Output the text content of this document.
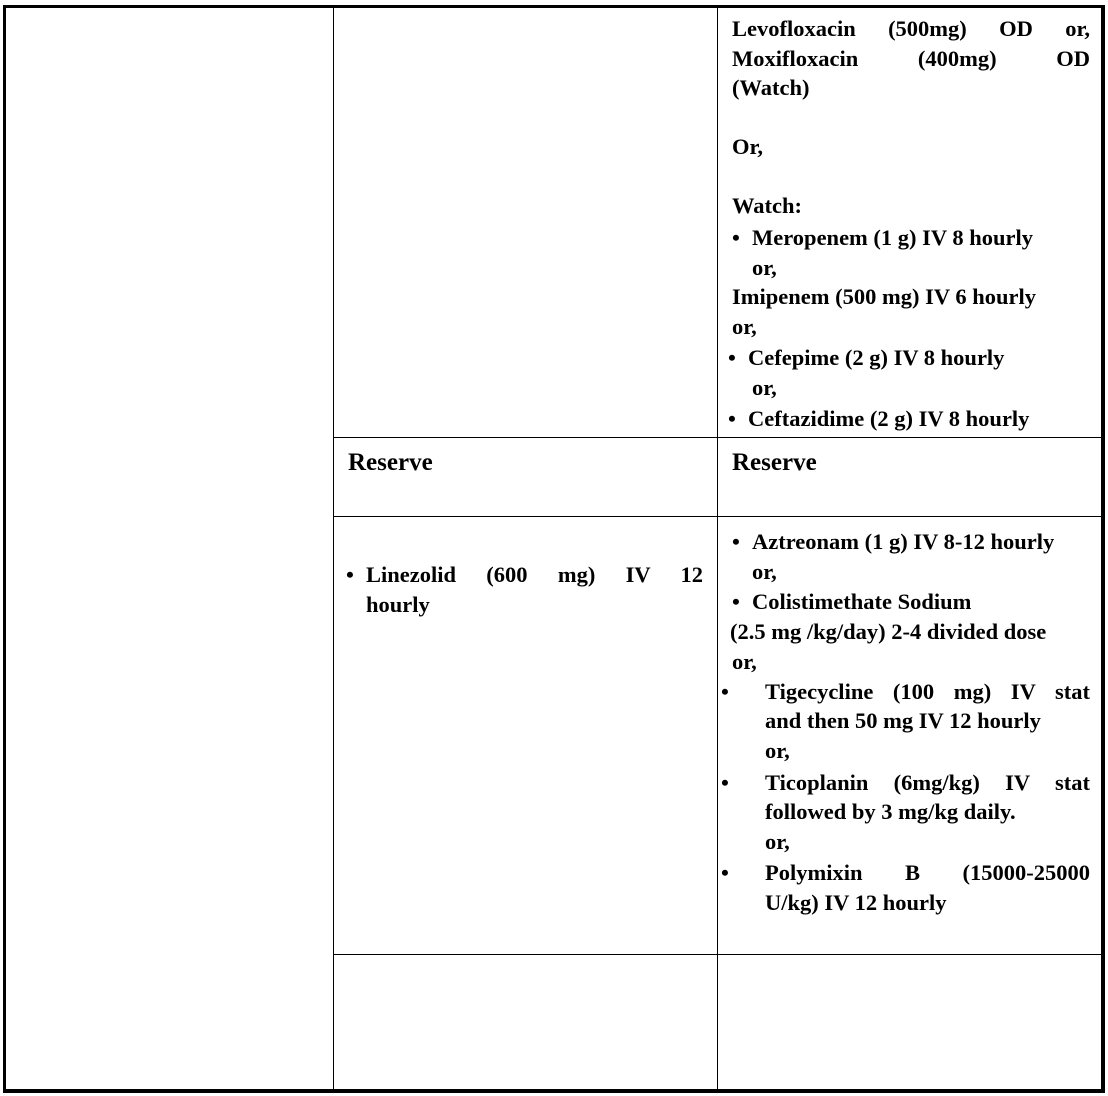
Levofloxacin (500mg) OD or,
Moxifloxacin (400mg) OD
(Watch)
Or,
Watch:
• Meropenem (1 g) IV 8 hourly
or,
Imipenem (500 mg) IV 6 hourly
or,
• Cefepime (2 g) IV 8 hourly
or,
• Ceftazidime (2 g) IV 8 hourly
Reserve	Reserve
• Linezolid (600 mg) IV 12
hourly
• Aztreonam (1 g) IV 8-12 hourly
or,
• Colistimethate Sodium
(2.5 mg /kg/day) 2-4 divided dose
or,
• Tigecycline (100 mg) IV stat
and then 50 mg IV 12 hourly
or,
• Ticoplanin (6mg/kg) IV stat
followed by 3 mg/kg daily.
or,
• Polymixin B (15000-25000
U/kg) IV 12 hourly
